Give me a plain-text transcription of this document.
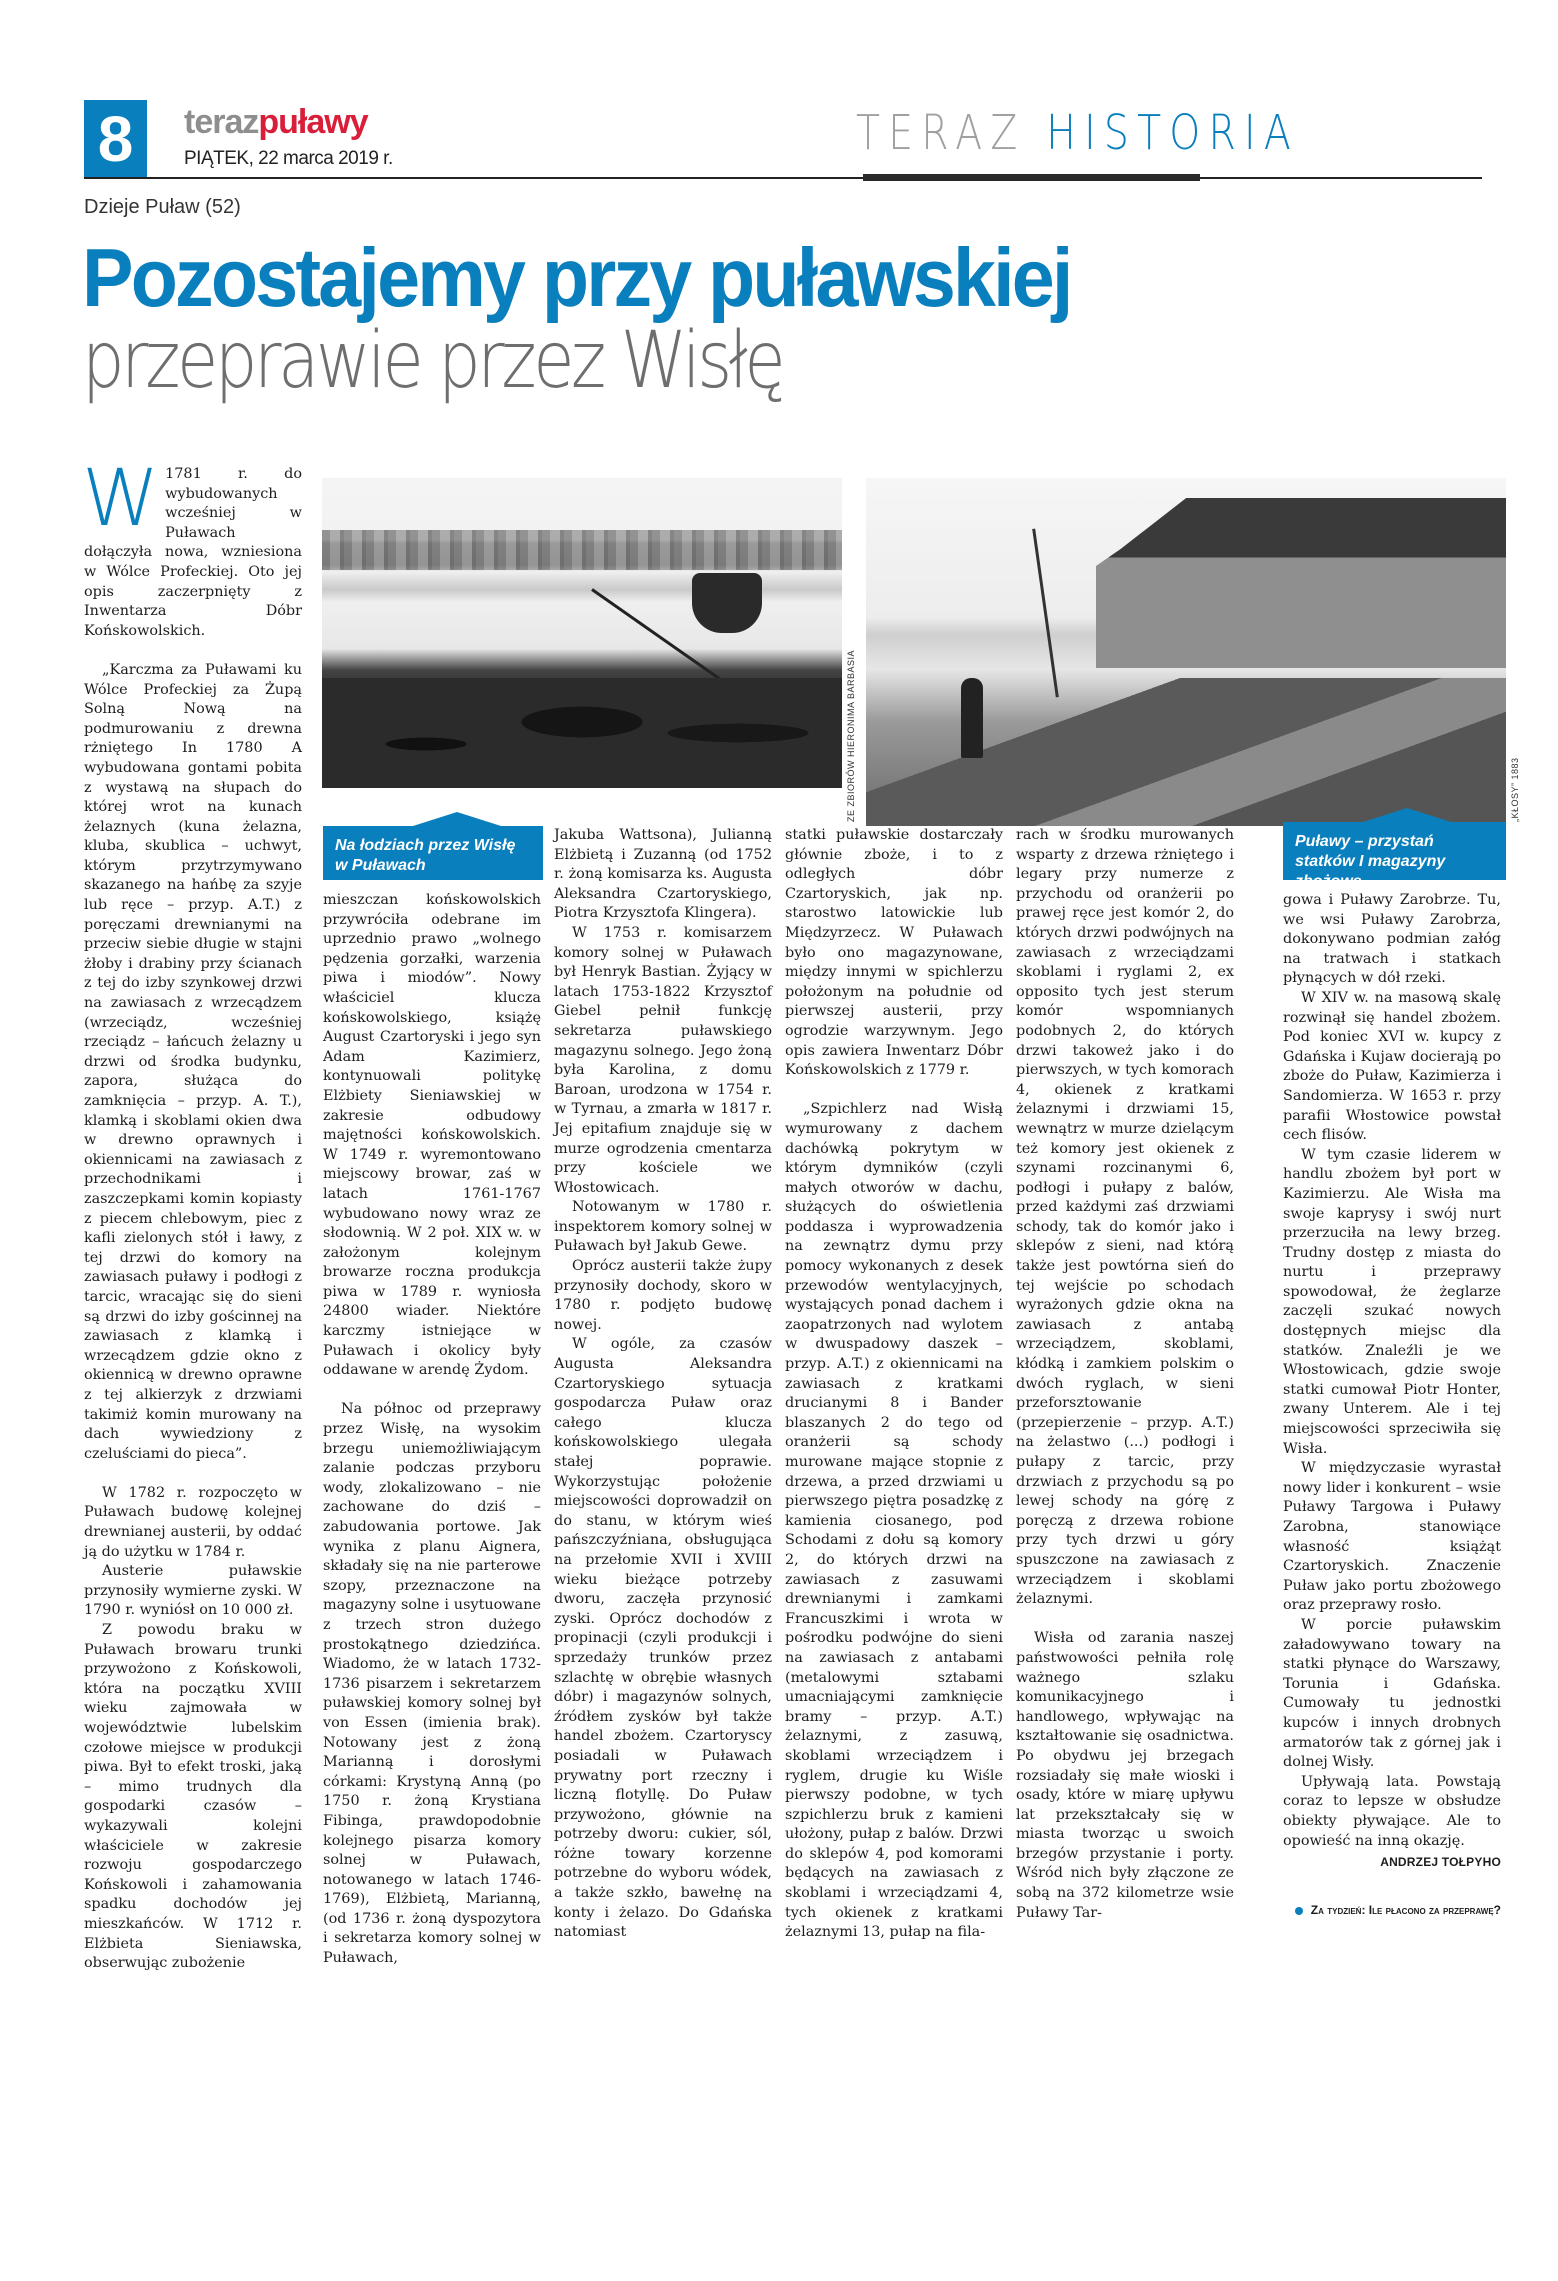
8	terazpuławy
PIĄTEK, 22 marca 2019 r.	TERAZ HISTORIA
Dzieje Puław (52)
Pozostajemy przy puławskiej
przeprawie przez Wisłę
ZE ZBIORÓW HIERONIMA BARBASIA	„KŁOSY” 1883
Na łodziach przez Wisłę w Puławach
Puławy – przystań statków I magazyny zbożowe
W 1781 r. do wybudowanych wcześniej w Puławach dołączyła nowa, wzniesiona w Wólce Profeckiej. Oto jej opis zaczerpnięty z Inwentarza Dóbr Końskowolskich.

„Karczma za Puławami ku Wólce Profeckiej za Żupą Solną Nową na podmurowaniu z drewna rżniętego In 1780 A wybudowana gontami pobita z wystawą na słupach do której wrot na kunach żelaznych (kuna żelazna, kluba, skublica – uchwyt, którym przytrzymywano skazanego na hańbę za szyje lub ręce – przyp. A.T.) z poręczami drewnianymi na przeciw siebie długie w stajni żłoby i drabiny przy ścianach z tej do izby szynkowej drzwi na zawiasach z wrzecądzem (wrzeciądz, wcześniej rzeciądz – łańcuch żelazny u drzwi od środka budynku, zapora, służąca do zamknięcia – przyp. A. T.), klamką i skoblami okien dwa w drewno oprawnych i okiennicami na zawiasach z przechodnikami i zaszczepkami komin kopiasty z piecem chlebowym, piec z kafli zielonych stół i ławy, z tej drzwi do komory na zawiasach puławy i podłogi z tarcic, wracając się do sieni są drzwi do izby gościnnej na zawiasach z klamką i wrzecądzem gdzie okno z okiennicą w drewno oprawne z tej alkierzyk z drzwiami takimiż komin murowany na dach wywiedziony z czeluściami do pieca”.

W 1782 r. rozpoczęto w Puławach budowę kolejnej drewnianej austerii, by oddać ją do użytku w 1784 r.

Austerie puławskie przynosiły wymierne zyski. W 1790 r. wyniósł on 10 000 zł.

Z powodu braku w Puławach browaru trunki przywożono z Końskowoli, która na początku XVIII wieku zajmowała w województwie lubelskim czołowe miejsce w produkcji piwa. Był to efekt troski, jaką – mimo trudnych dla gospodarki czasów – wykazywali kolejni właściciele w zakresie rozwoju gospodarczego Końskowoli i zahamowania spadku dochodów jej mieszkańców. W 1712 r. Elżbieta Sieniawska, obserwując zubożenie

mieszczan końskowolskich przywróciła odebrane im uprzednio prawo „wolnego pędzenia gorzałki, warzenia piwa i miodów”. Nowy właściciel klucza końskowolskiego, książę August Czartoryski i jego syn Adam Kazimierz, kontynuowali politykę Elżbiety Sieniawskiej w zakresie odbudowy majętności końskowolskich. W 1749 r. wyremontowano miejscowy browar, zaś w latach 1761-1767 wybudowano nowy wraz ze słodownią. W 2 poł. XIX w. w założonym kolejnym browarze roczna produkcja piwa w 1789 r. wyniosła 24800 wiader. Niektóre karczmy istniejące w Puławach i okolicy były oddawane w arendę Żydom.

Na północ od przeprawy przez Wisłę, na wysokim brzegu uniemożliwiającym zalanie podczas przyboru wody, zlokalizowano – nie zachowane do dziś – zabudowania portowe. Jak wynika z planu Aignera, składały się na nie parterowe szopy, przeznaczone na magazyny solne i usytuowane z trzech stron dużego prostokątnego dziedzińca. Wiadomo, że w latach 1732-1736 pisarzem i sekretarzem puławskiej komory solnej był von Essen (imienia brak). Notowany jest z żoną Marianną i dorosłymi córkami: Krystyną Anną (po 1750 r. żoną Krystiana Fibinga, prawdopodobnie kolejnego pisarza komory solnej w Puławach, notowanego w latach 1746-1769), Elżbietą, Marianną, (od 1736 r. żoną dyspozytora i sekretarza komory solnej w Puławach,

Jakuba Wattsona), Julianną Elżbietą i Zuzanną (od 1752 r. żoną komisarza ks. Augusta Aleksandra Czartoryskiego, Piotra Krzysztofa Klingera).

W 1753 r. komisarzem komory solnej w Puławach był Henryk Bastian. Żyjący w latach 1753-1822 Krzysztof Giebel pełnił funkcję sekretarza puławskiego magazynu solnego. Jego żoną była Karolina, z domu Baroan, urodzona w 1754 r. w Tyrnau, a zmarła w 1817 r. Jej epitafium znajduje się w murze ogrodzenia cmentarza przy kościele we Włostowicach.

Notowanym w 1780 r. inspektorem komory solnej w Puławach był Jakub Gewe.

Oprócz austerii także żupy przynosiły dochody, skoro w 1780 r. podjęto budowę nowej.

W ogóle, za czasów Augusta Aleksandra Czartoryskiego sytuacja gospodarcza Puław oraz całego klucza końskowolskiego ulegała stałej poprawie. Wykorzystując położenie miejscowości doprowadził on do stanu, w którym wieś pańszczyźniana, obsługująca na przełomie XVII i XVIII wieku bieżące potrzeby dworu, zaczęła przynosić zyski. Oprócz dochodów z propinacji (czyli produkcji i sprzedaży trunków przez szlachtę w obrębie własnych dóbr) i magazynów solnych, źródłem zysków był także handel zbożem. Czartoryscy posiadali w Puławach prywatny port rzeczny i liczną flotyllę. Do Puław przywożono, głównie na potrzeby dworu: cukier, sól, różne towary korzenne potrzebne do wyboru wódek, a także szkło, bawełnę na konty i żelazo. Do Gdańska natomiast

statki puławskie dostarczały głównie zboże, i to z odległych dóbr Czartoryskich, jak np. starostwo latowickie lub Międzyrzecz. W Puławach było ono magazynowane, między innymi w spichlerzu położonym na południe od pierwszej austerii, przy ogrodzie warzywnym. Jego opis zawiera Inwentarz Dóbr Końskowolskich z 1779 r.

„Szpichlerz nad Wisłą wymurowany z dachem dachówką pokrytym w którym dymników (czyli małych otworów w dachu, służących do oświetlenia poddasza i wyprowadzenia na zewnątrz dymu przy pomocy wykonanych z desek przewodów wentylacyjnych, wystających ponad dachem i zaopatrzonych nad wylotem w dwuspadowy daszek – przyp. A.T.) z okiennicami na zawiasach z kratkami drucianymi 8 i Bander blaszanych 2 do tego od oranżerii są schody murowane mające stopnie z drzewa, a przed drzwiami u pierwszego piętra posadzkę z kamienia ciosanego, pod Schodami z dołu są komory 2, do których drzwi na zawiasach z zasuwami drewnianymi i zamkami Francuszkimi i wrota w pośrodku podwójne do sieni na zawiasach z antabami (metalowymi sztabami umacniającymi zamknięcie bramy – przyp. A.T.) żelaznymi, z zasuwą, skoblami wrzeciądzem i ryglem, drugie ku Wiśle pierwszy podobne, w tych szpichlerzu bruk z kamieni ułożony, pułap z balów. Drzwi do sklepów 4, pod komorami będących na zawiasach z skoblami i wrzeciądzami 4, tych okienek z kratkami żelaznymi 13, pułap na fila-

rach w środku murowanych wsparty z drzewa rżniętego i legary przy numerze z przychodu od oranżerii po prawej ręce jest komór 2, do których drzwi podwójnych na zawiasach z wrzeciądzami skoblami i ryglami 2, ex opposito tych jest sterum komór wspomnianych podobnych 2, do których drzwi takoweż jako i do pierwszych, w tych komorach 4, okienek z kratkami żelaznymi i drzwiami 15, wewnątrz w murze dzielącym też komory jest okienek z szynami rozcinanymi 6, podłogi i pułapy z balów, przed każdymi zaś drzwiami schody, tak do komór jako i sklepów z sieni, nad którą także jest powtórna sień do tej wejście po schodach wyrażonych gdzie okna na zawiasach z antabą wrzeciądzem, skoblami, kłódką i zamkiem polskim o dwóch ryglach, w sieni przeforsztowanie (przepierzenie – przyp. A.T.) na żelastwo (...) podłogi i pułapy z tarcic, przy drzwiach z przychodu są po lewej schody na górę z poręczą z drzewa robione przy tych drzwi u góry spuszczone na zawiasach z wrzeciądzem i skoblami żelaznymi.

Wisła od zarania naszej państwowości pełniła rolę ważnego szlaku komunikacyjnego i handlowego, wpływając na kształtowanie się osadnictwa. Po obydwu jej brzegach rozsiadały się małe wioski i osady, które w miarę upływu lat przekształcały się w miasta tworząc u swoich brzegów przystanie i porty. Wśród nich były złączone ze sobą na 372 kilometrze wsie Puławy Tar-

gowa i Puławy Zarobrze. Tu, we wsi Puławy Zarobrza, dokonywano podmian załóg na tratwach i statkach płynących w dół rzeki.

W XIV w. na masową skalę rozwinął się handel zbożem. Pod koniec XVI w. kupcy z Gdańska i Kujaw docierają po zboże do Puław, Kazimierza i Sandomierza. W 1653 r. przy parafii Włostowice powstał cech flisów.

W tym czasie liderem w handlu zbożem był port w Kazimierzu. Ale Wisła ma swoje kaprysy i swój nurt przerzuciła na lewy brzeg. Trudny dostęp z miasta do nurtu i przeprawy spowodował, że żeglarze zaczęli szukać nowych dostępnych miejsc dla statków. Znaleźli je we Włostowicach, gdzie swoje statki cumował Piotr Honter, zwany Unterem. Ale i tej miejscowości sprzeciwiła się Wisła.

W międzyczasie wyrastał nowy lider i konkurent – wsie Puławy Targowa i Puławy Zarobna, stanowiące własność książąt Czartoryskich. Znaczenie Puław jako portu zbożowego oraz przeprawy rosło.

W porcie puławskim załadowywano towary na statki płynące do Warszawy, Torunia i Gdańska. Cumowały tu jednostki kupców i innych drobnych armatorów tak z górnej jak i dolnej Wisły.

Upływają lata. Powstają coraz to lepsze w obsłudze obiekty pływające. Ale to opowieść na inną okazję.

ANDRZEJ TOŁPYHO
Za tydzień: Ile płacono za przeprawę?
